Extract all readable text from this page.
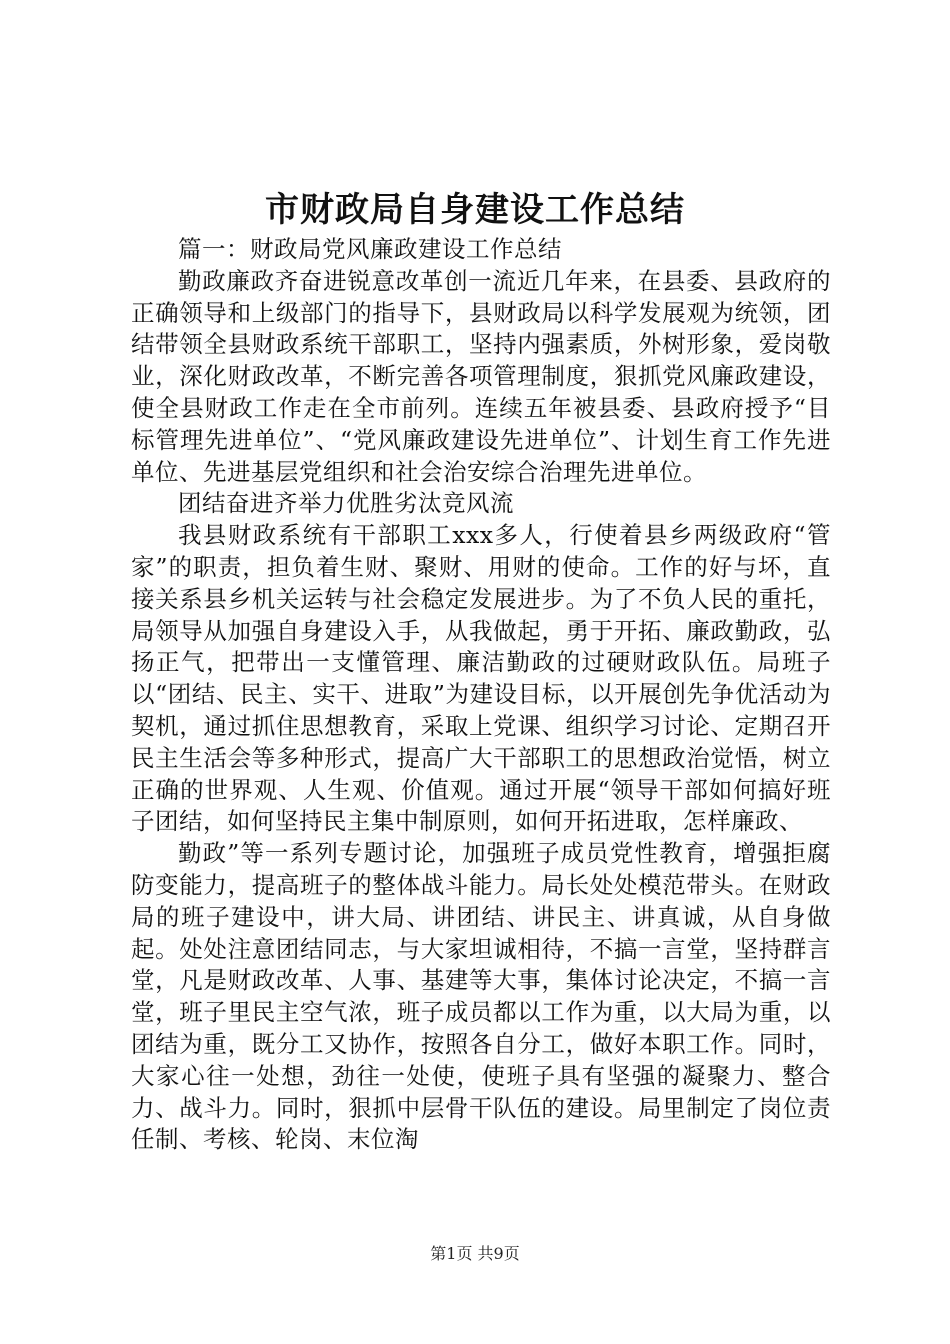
市财政局自身建设工作总结

篇一：财政局党风廉政建设工作总结

勤政廉政齐奋进锐意改革创一流近几年来，在县委、县政府的正确领导和上级部门的指导下，县财政局以科学发展观为统领，团结带领全县财政系统干部职工，坚持内强素质，外树形象，爱岗敬业，深化财政改革，不断完善各项管理制度，狠抓党风廉政建设，使全县财政工作走在全市前列。连续五年被县委、县政府授予“目标管理先进单位”、“党风廉政建设先进单位”、计划生育工作先进单位、先进基层党组织和社会治安综合治理先进单位。

团结奋进齐举力优胜劣汰竞风流

我县财政系统有干部职工xxx多人，行使着县乡两级政府“管家”的职责，担负着生财、聚财、用财的使命。工作的好与坏，直接关系县乡机关运转与社会稳定发展进步。为了不负人民的重托，局领导从加强自身建设入手，从我做起，勇于开拓、廉政勤政，弘扬正气，把带出一支懂管理、廉洁勤政的过硬财政队伍。局班子以“团结、民主、实干、进取”为建设目标，以开展创先争优活动为契机，通过抓住思想教育，采取上党课、组织学习讨论、定期召开民主生活会等多种形式，提高广大干部职工的思想政治觉悟，树立正确的世界观、人生观、价值观。通过开展“领导干部如何搞好班子团结，如何坚持民主集中制原则，如何开拓进取，怎样廉政、

勤政”等一系列专题讨论，加强班子成员党性教育，增强拒腐防变能力，提高班子的整体战斗能力。局长处处模范带头。在财政局的班子建设中，讲大局、讲团结、讲民主、讲真诚，从自身做起。处处注意团结同志，与大家坦诚相待，不搞一言堂，坚持群言堂，凡是财政改革、人事、基建等大事，集体讨论决定，不搞一言堂，班子里民主空气浓，班子成员都以工作为重，以大局为重，以团结为重，既分工又协作，按照各自分工，做好本职工作。同时，大家心往一处想，劲往一处使，使班子具有坚强的凝聚力、整合力、战斗力。同时，狠抓中层骨干队伍的建设。局里制定了岗位责任制、考核、轮岗、末位淘

第1页 共9页
